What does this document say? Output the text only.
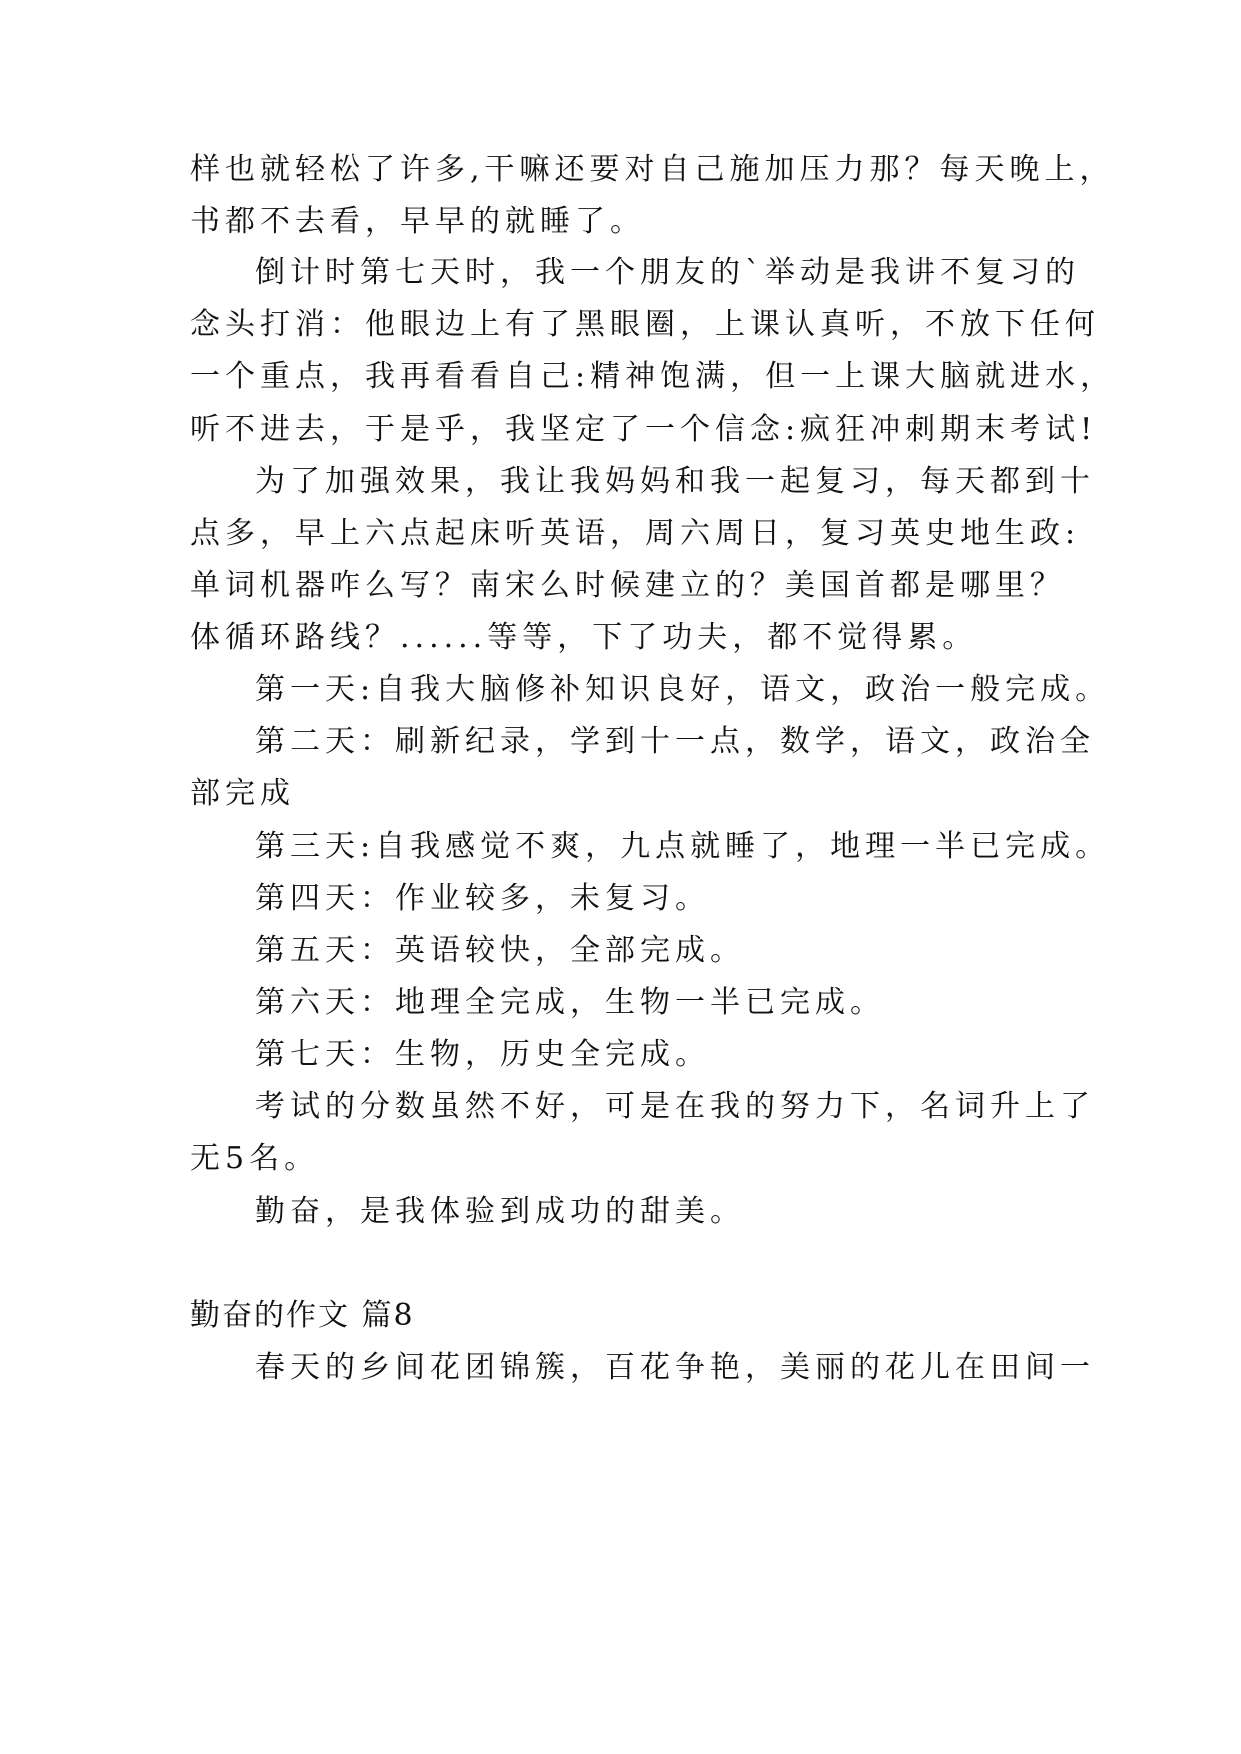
样也就轻松了许多,干嘛还要对自己施加压力那？每天晚上，
书都不去看，早早的就睡了。
倒计时第七天时，我一个朋友的`举动是我讲不复习的
念头打消：他眼边上有了黑眼圈，上课认真听，不放下任何
一个重点，我再看看自己:精神饱满，但一上课大脑就进水，
听不进去，于是乎，我坚定了一个信念:疯狂冲刺期末考试!
为了加强效果，我让我妈妈和我一起复习，每天都到十
点多，早上六点起床听英语，周六周日，复习英史地生政:
单词机器咋么写？南宋么时候建立的？美国首都是哪里？
体循环路线？......等等，下了功夫，都不觉得累。
第一天:自我大脑修补知识良好，语文，政治一般完成。
第二天：刷新纪录，学到十一点，数学，语文，政治全
部完成
第三天:自我感觉不爽，九点就睡了，地理一半已完成。
第四天：作业较多，未复习。
第五天：英语较快，全部完成。
第六天：地理全完成，生物一半已完成。
第七天：生物，历史全完成。
考试的分数虽然不好，可是在我的努力下，名词升上了
无5名。
勤奋，是我体验到成功的甜美。
勤奋的作文 篇8
春天的乡间花团锦簇，百花争艳，美丽的花儿在田间一
